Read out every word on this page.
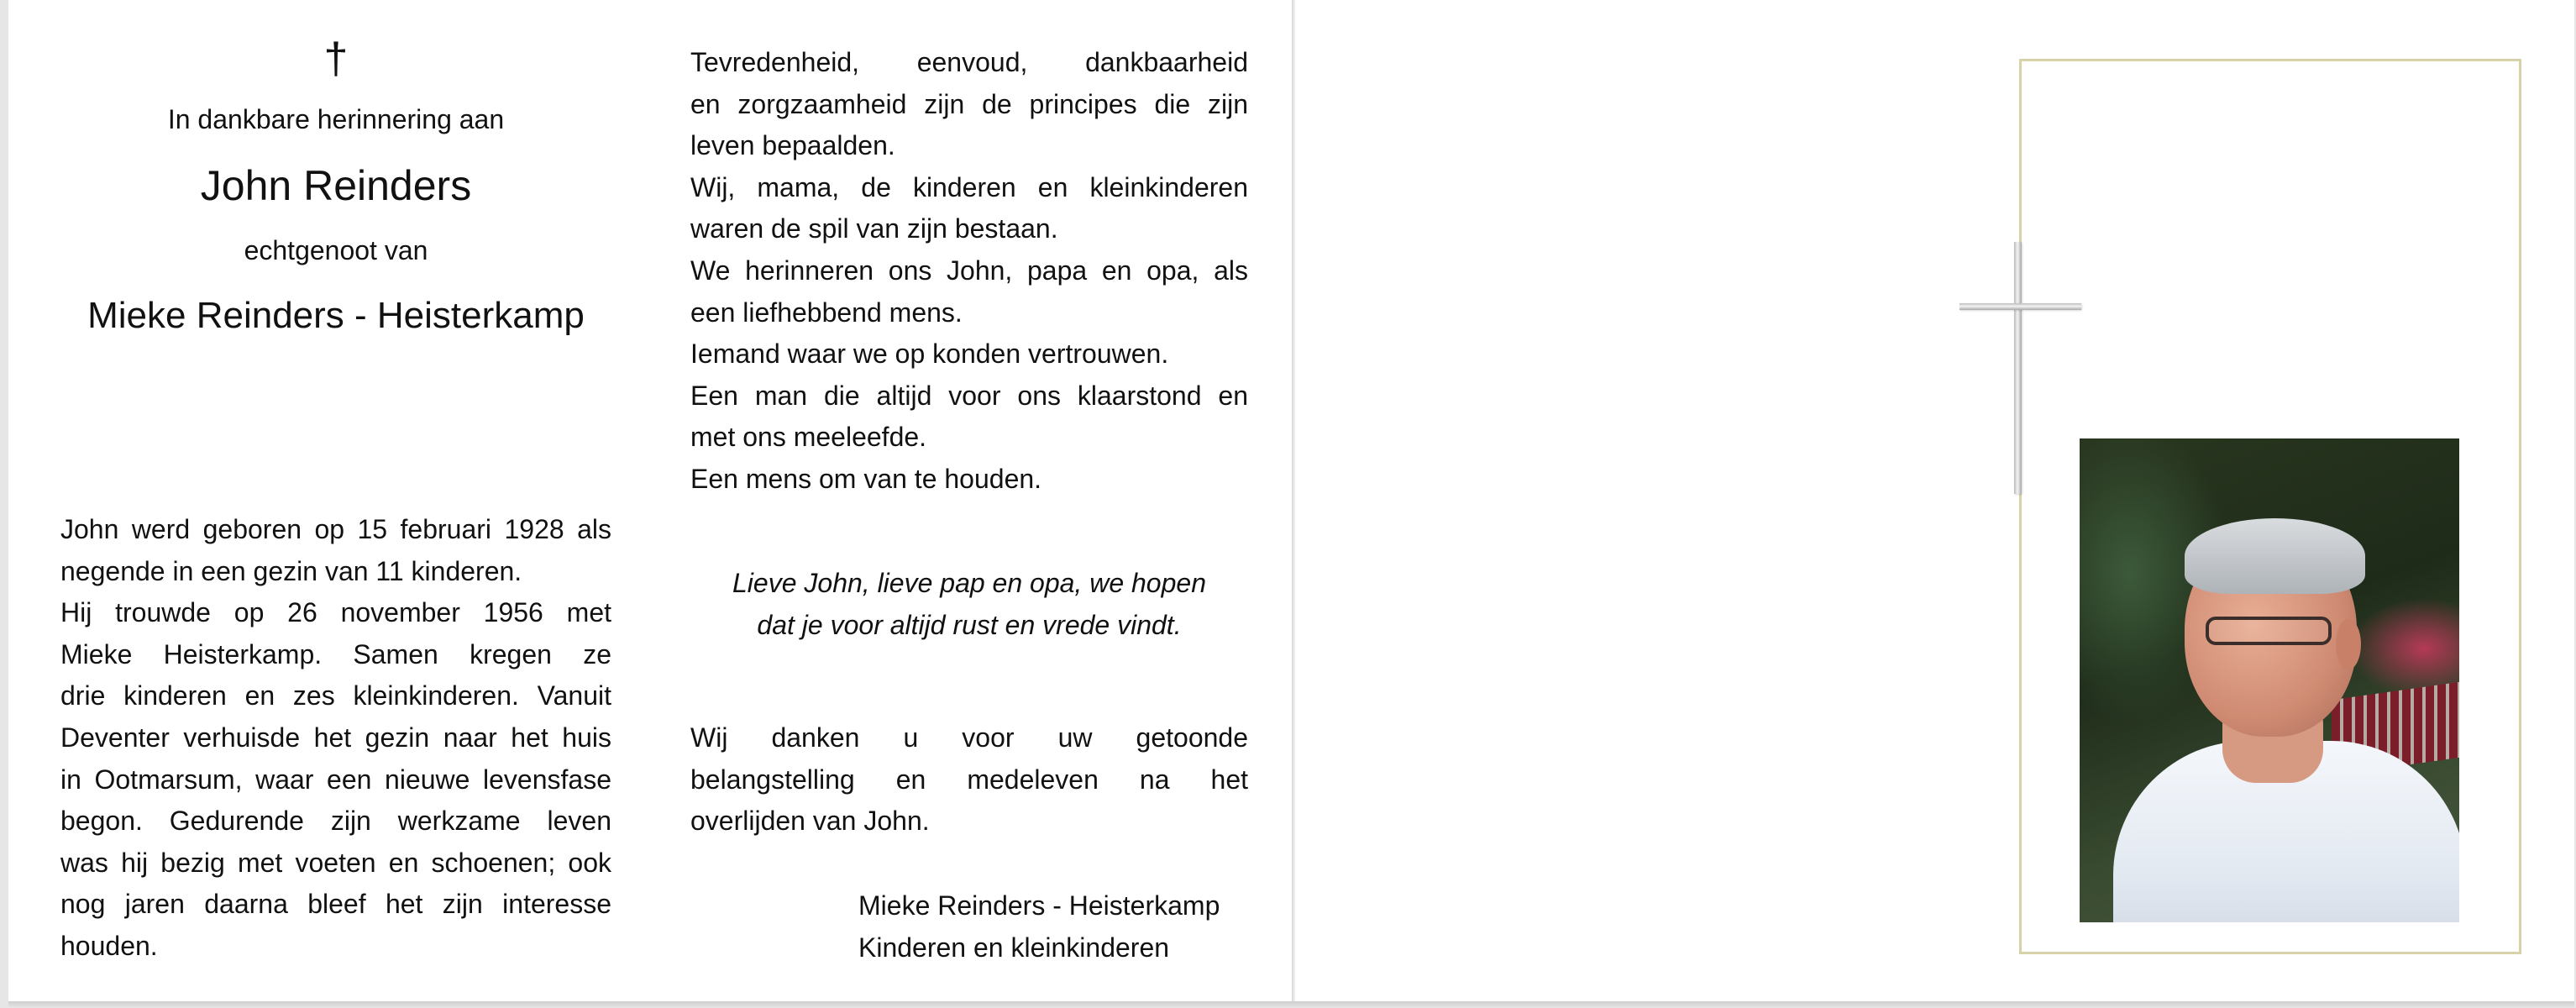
†
In dankbare herinnering aan
John Reinders
echtgenoot van
Mieke Reinders - Heisterkamp
John werd geboren op 15 februari 1928 als
negende in een gezin van 11 kinderen.
Hij trouwde op 26 november 1956 met
Mieke Heisterkamp. Samen kregen ze
drie kinderen en zes kleinkinderen. Vanuit
Deventer verhuisde het gezin naar het huis
in Ootmarsum, waar een nieuwe levensfase
begon. Gedurende zijn werkzame leven
was hij bezig met voeten en schoenen; ook
nog jaren daarna bleef het zijn interesse
houden.
Tevredenheid, eenvoud, dankbaarheid
en zorgzaamheid zijn de principes die zijn
leven bepaalden.
Wij, mama, de kinderen en kleinkinderen
waren de spil van zijn bestaan.
We herinneren ons John, papa en opa, als
een liefhebbend mens.
Iemand waar we op konden vertrouwen.
Een man die altijd voor ons klaarstond en
met ons meeleefde.
Een mens om van te houden.
Lieve John, lieve pap en opa, we hopen
dat je voor altijd rust en vrede vindt.
Wij danken u voor uw getoonde
belangstelling en medeleven na het
overlijden van John.
Mieke Reinders - Heisterkamp
Kinderen en kleinkinderen
